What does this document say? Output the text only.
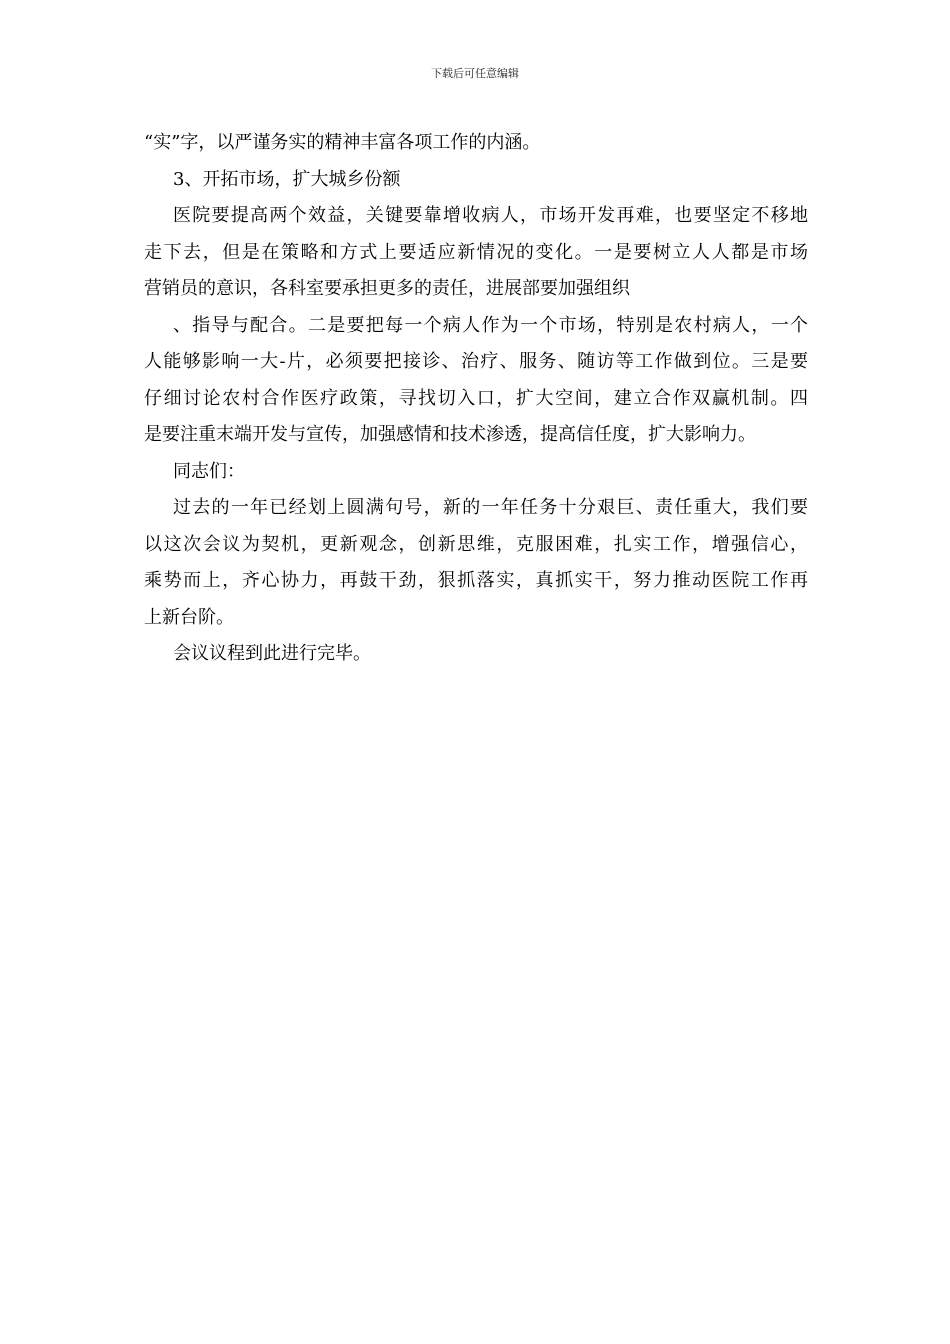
下载后可任意编辑
“实”字，以严谨务实的精神丰富各项工作的内涵。
3、开拓市场，扩大城乡份额
医院要提高两个效益，关键要靠增收病人，市场开发再难，也要坚定不移地
走下去，但是在策略和方式上要适应新情况的变化。一是要树立人人都是市场
营销员的意识，各科室要承担更多的责任，进展部要加强组织
、指导与配合。二是要把每一个病人作为一个市场，特别是农村病人，一个
人能够影响一大-片，必须要把接诊、治疗、服务、随访等工作做到位。三是要
仔细讨论农村合作医疗政策，寻找切入口，扩大空间，建立合作双赢机制。四
是要注重末端开发与宣传，加强感情和技术渗透，提高信任度，扩大影响力。
同志们：
过去的一年已经划上圆满句号，新的一年任务十分艰巨、责任重大，我们要
以这次会议为契机，更新观念，创新思维，克服困难，扎实工作，增强信心，
乘势而上，齐心协力，再鼓干劲，狠抓落实，真抓实干，努力推动医院工作再
上新台阶。
会议议程到此进行完毕。
